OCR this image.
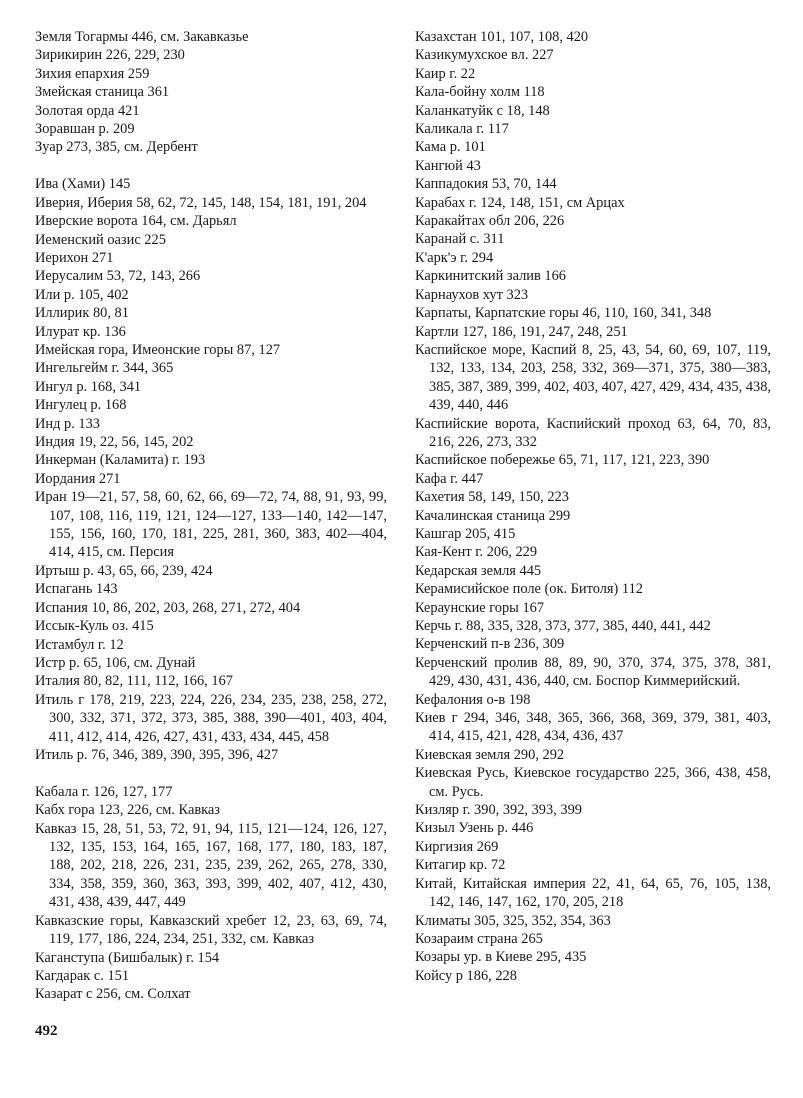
Земля Тогармы 446, см. Закавказье

Зирикирин 226, 229, 230

Зихия епархия 259

Змейская станица 361

Золотая орда 421

Зоравшан р. 209

Зуар 273, 385, см. Дербент

Ива (Хами) 145

Иверия, Иберия 58, 62, 72, 145, 148, 154, 181, 191, 204

Иверские ворота 164, см. Дарьял

Иеменский оазис 225

Иерихон 271

Иерусалим 53, 72, 143, 266

Или р. 105, 402

Иллирик 80, 81

Илурат кр. 136

Имейская гора, Имеонские горы 87, 127

Ингельгейм г. 344, 365

Ингул р. 168, 341

Ингулец р. 168

Инд р. 133

Индия 19, 22, 56, 145, 202

Инкерман (Каламита) г. 193

Иордания 271

Иран 19—21, 57, 58, 60, 62, 66, 69—72, 74, 88, 91, 93, 99, 107, 108, 116, 119, 121, 124—127, 133—140, 142—147, 155, 156, 160, 170, 181, 225, 281, 360, 383, 402—404, 414, 415, см. Персия

Иртыш р. 43, 65, 66, 239, 424

Испагань 143

Испания 10, 86, 202, 203, 268, 271, 272, 404

Иссык-Куль оз. 415

Истамбул г. 12

Истр р. 65, 106, см. Дунай

Италия 80, 82, 111, 112, 166, 167

Итиль г 178, 219, 223, 224, 226, 234, 235, 238, 258, 272, 300, 332, 371, 372, 373, 385, 388, 390—401, 403, 404, 411, 412, 414, 426, 427, 431, 433, 434, 445, 458

Итиль р. 76, 346, 389, 390, 395, 396, 427

Кабала г. 126, 127, 177

Кабх гора 123, 226, см. Кавказ

Кавказ 15, 28, 51, 53, 72, 91, 94, 115, 121—124, 126, 127, 132, 135, 153, 164, 165, 167, 168, 177, 180, 183, 187, 188, 202, 218, 226, 231, 235, 239, 262, 265, 278, 330, 334, 358, 359, 360, 363, 393, 399, 402, 407, 412, 430, 431, 438, 439, 447, 449

Кавказские горы, Кавказский хребет 12, 23, 63, 69, 74, 119, 177, 186, 224, 234, 251, 332, см. Кавказ

Каганступа (Бишбалык) г. 154

Кагдарак с. 151

Казарат с 256, см. Солхат

Казахстан 101, 107, 108, 420

Казикумухское вл. 227

Каир г. 22

Кала-бойну холм 118

Каланкатуйк с 18, 148

Каликала г. 117

Кама р. 101

Кангюй 43

Каппадокия 53, 70, 144

Карабах г. 124, 148, 151, см Арцах

Каракайтах обл 206, 226

Каранай с. 311

К'арк'э г. 294

Каркинитский залив 166

Карнаухов хут 323

Карпаты, Карпатские горы 46, 110, 160, 341, 348

Картли 127, 186, 191, 247, 248, 251

Каспийское море, Каспий 8, 25, 43, 54, 60, 69, 107, 119, 132, 133, 134, 203, 258, 332, 369—371, 375, 380—383, 385, 387, 389, 399, 402, 403, 407, 427, 429, 434, 435, 438, 439, 440, 446

Каспийские ворота, Каспийский проход 63, 64, 70, 83, 216, 226, 273, 332

Каспийское побережье 65, 71, 117, 121, 223, 390

Кафа г. 447

Кахетия 58, 149, 150, 223

Качалинская станица 299

Кашгар 205, 415

Кая-Кент г. 206, 229

Кедарская земля 445

Керамисийское поле (ок. Битоля) 112

Кераунские горы 167

Керчь г. 88, 335, 328, 373, 377, 385, 440, 441, 442

Керченский п-в 236, 309

Керченский пролив 88, 89, 90, 370, 374, 375, 378, 381, 429, 430, 431, 436, 440, см. Боспор Киммерийский.

Кефалония о-в 198

Киев г 294, 346, 348, 365, 366, 368, 369, 379, 381, 403, 414, 415, 421, 428, 434, 436, 437

Киевская земля 290, 292

Киевская Русь, Киевское государство 225, 366, 438, 458, см. Русь.

Кизляр г. 390, 392, 393, 399

Кизыл Узень р. 446

Киргизия 269

Китагир кр. 72

Китай, Китайская империя 22, 41, 64, 65, 76, 105, 138, 142, 146, 147, 162, 170, 205, 218

Климаты 305, 325, 352, 354, 363

Козараим страна 265

Козары ур. в Киеве 295, 435

Койсу р 186, 228

492
